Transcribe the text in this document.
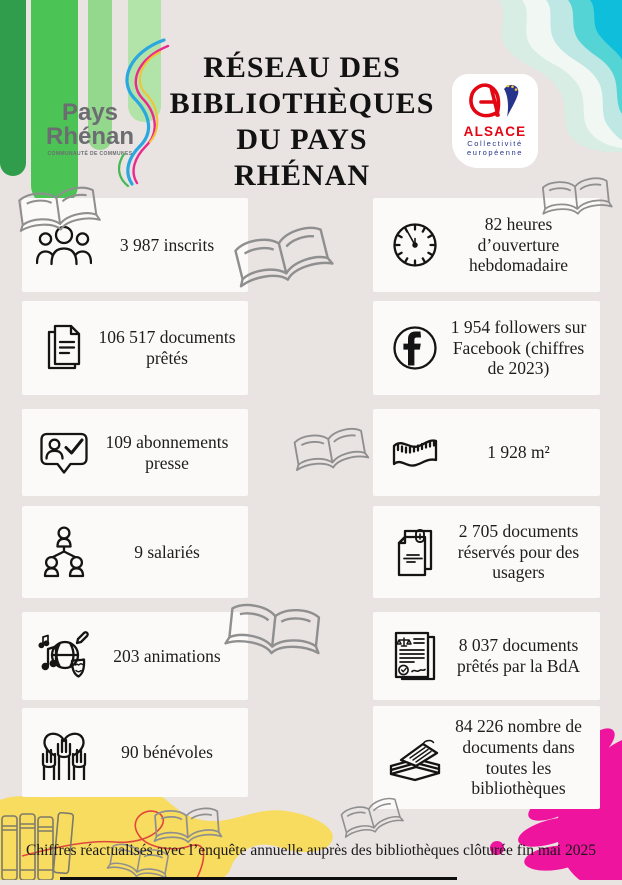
RÉSEAU DES
BIBLIOTHÈQUES
DU PAYS
RHÉNAN
Pays
Rhénan
COMMUNAUTÉ DE COMMUNES
ALSACE
Collectivité
européenne
3 987 inscrits
106 517 documents prêtés
109 abonnements presse
9 salariés
203 animations
90 bénévoles
82 heures d’ouverture hebdomadaire
1 954 followers sur Facebook (chiffres de 2023)
1 928 m²
2 705 documents réservés pour des usagers
8 037 documents prêtés par la BdA
84 226 nombre de documents dans toutes les bibliothèques
Chiffres réactualisés avec l’enquête annuelle auprès des bibliothèques clôturée fin mai 2025
